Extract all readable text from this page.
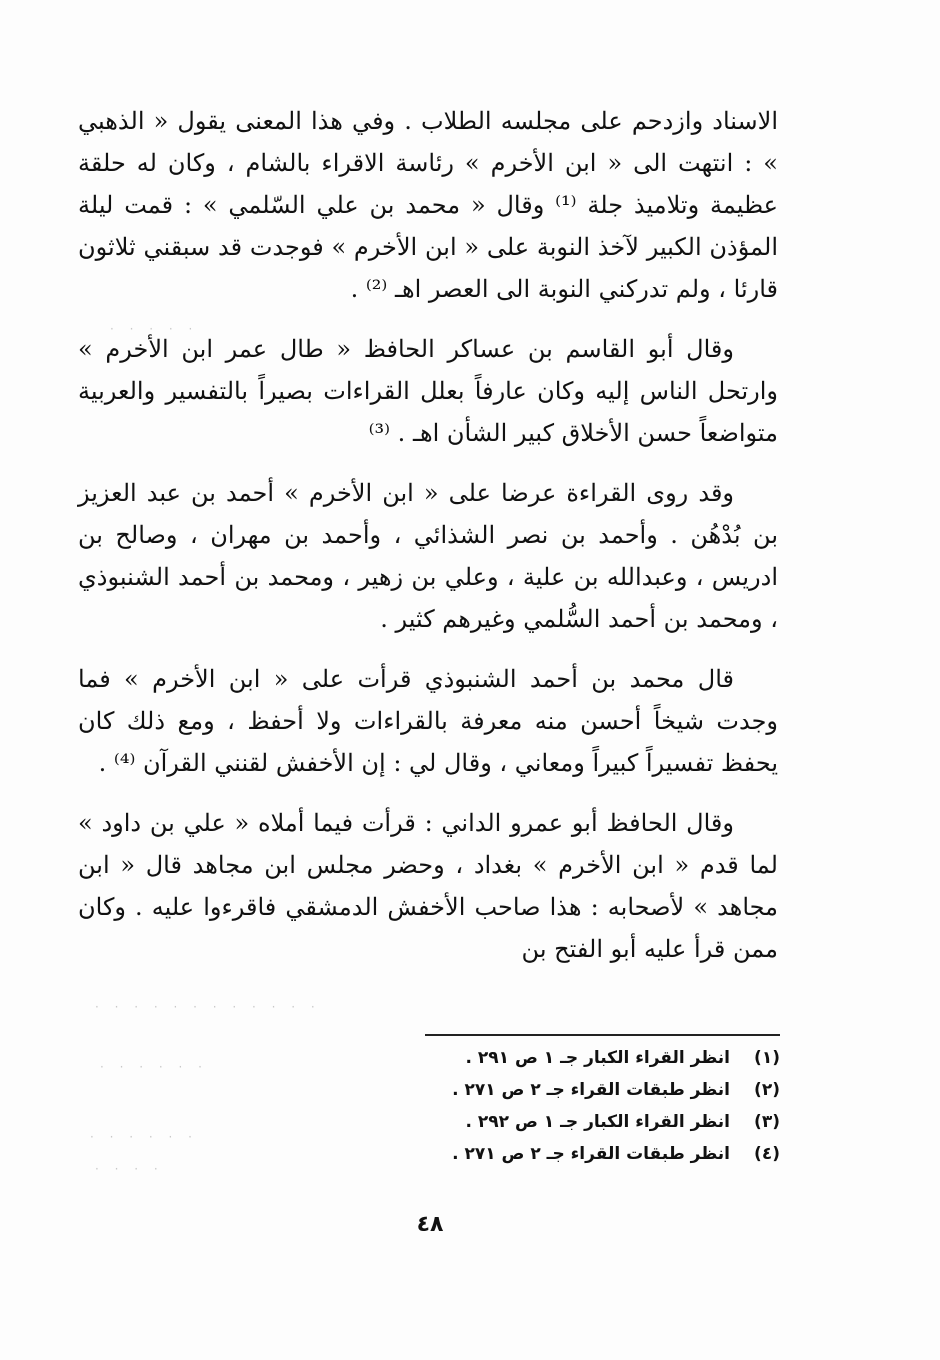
الاسناد وازدحم على مجلسه الطلاب . وفي هذا المعنى يقول « الذهبي » : انتهت الى « ابن الأخرم » رئاسة الاقراء بالشام ، وكان له حلقة عظيمة وتلاميذ جلة ⁽¹⁾ وقال « محمد بن علي السّلمي » : قمت ليلة المؤذن الكبير لآخذ النوبة على « ابن الأخرم » فوجدت قد سبقني ثلاثون قارئا ، ولم تدركني النوبة الى العصر اهـ ⁽²⁾ .

وقال أبو القاسم بن عساكر الحافظ « طال عمر ابن الأخرم » وارتحل الناس إليه وكان عارفاً بعلل القراءات بصيراً بالتفسير والعربية متواضعاً حسن الأخلاق كبير الشأن اهـ . ⁽³⁾

وقد روى القراءة عرضا على « ابن الأخرم » أحمد بن عبد العزيز بن بُدْهُن . وأحمد بن نصر الشذائي ، وأحمد بن مهران ، وصالح بن ادريس ، وعبدالله بن علية ، وعلي بن زهير ، ومحمد بن أحمد الشنبوذي ، ومحمد بن أحمد السُّلمي وغيرهم كثير .

قال محمد بن أحمد الشنبوذي قرأت على « ابن الأخرم » فما وجدت شيخاً أحسن منه معرفة بالقراءات ولا أحفظ ، ومع ذلك كان يحفظ تفسيراً كبيراً ومعاني ، وقال لي : إن الأخفش لقنني القرآن ⁽⁴⁾ .

وقال الحافظ أبو عمرو الداني : قرأت فيما أملاه « علي بن داود » لما قدم « ابن الأخرم » بغداد ، وحضر مجلس ابن مجاهد قال « ابن مجاهد » لأصحابه : هذا صاحب الأخفش الدمشقي فاقرءوا عليه . وكان ممن قرأ عليه أبو الفتح بن

(١)
انظر القراء الكبار جـ ١ ص ٢٩١ .
(٢)
انظر طبقات القراء جـ ٢ ص ٢٧١ .
(٣)
انظر القراء الكبار جـ ١ ص ٢٩٢ .
(٤)
انظر طبقات القراء جـ ٢ ص ٢٧١ .
٤٨
· · · · · · · · · · · ·
· · · · · ·
· · · · · ·
· · · ·
· · · · ·
